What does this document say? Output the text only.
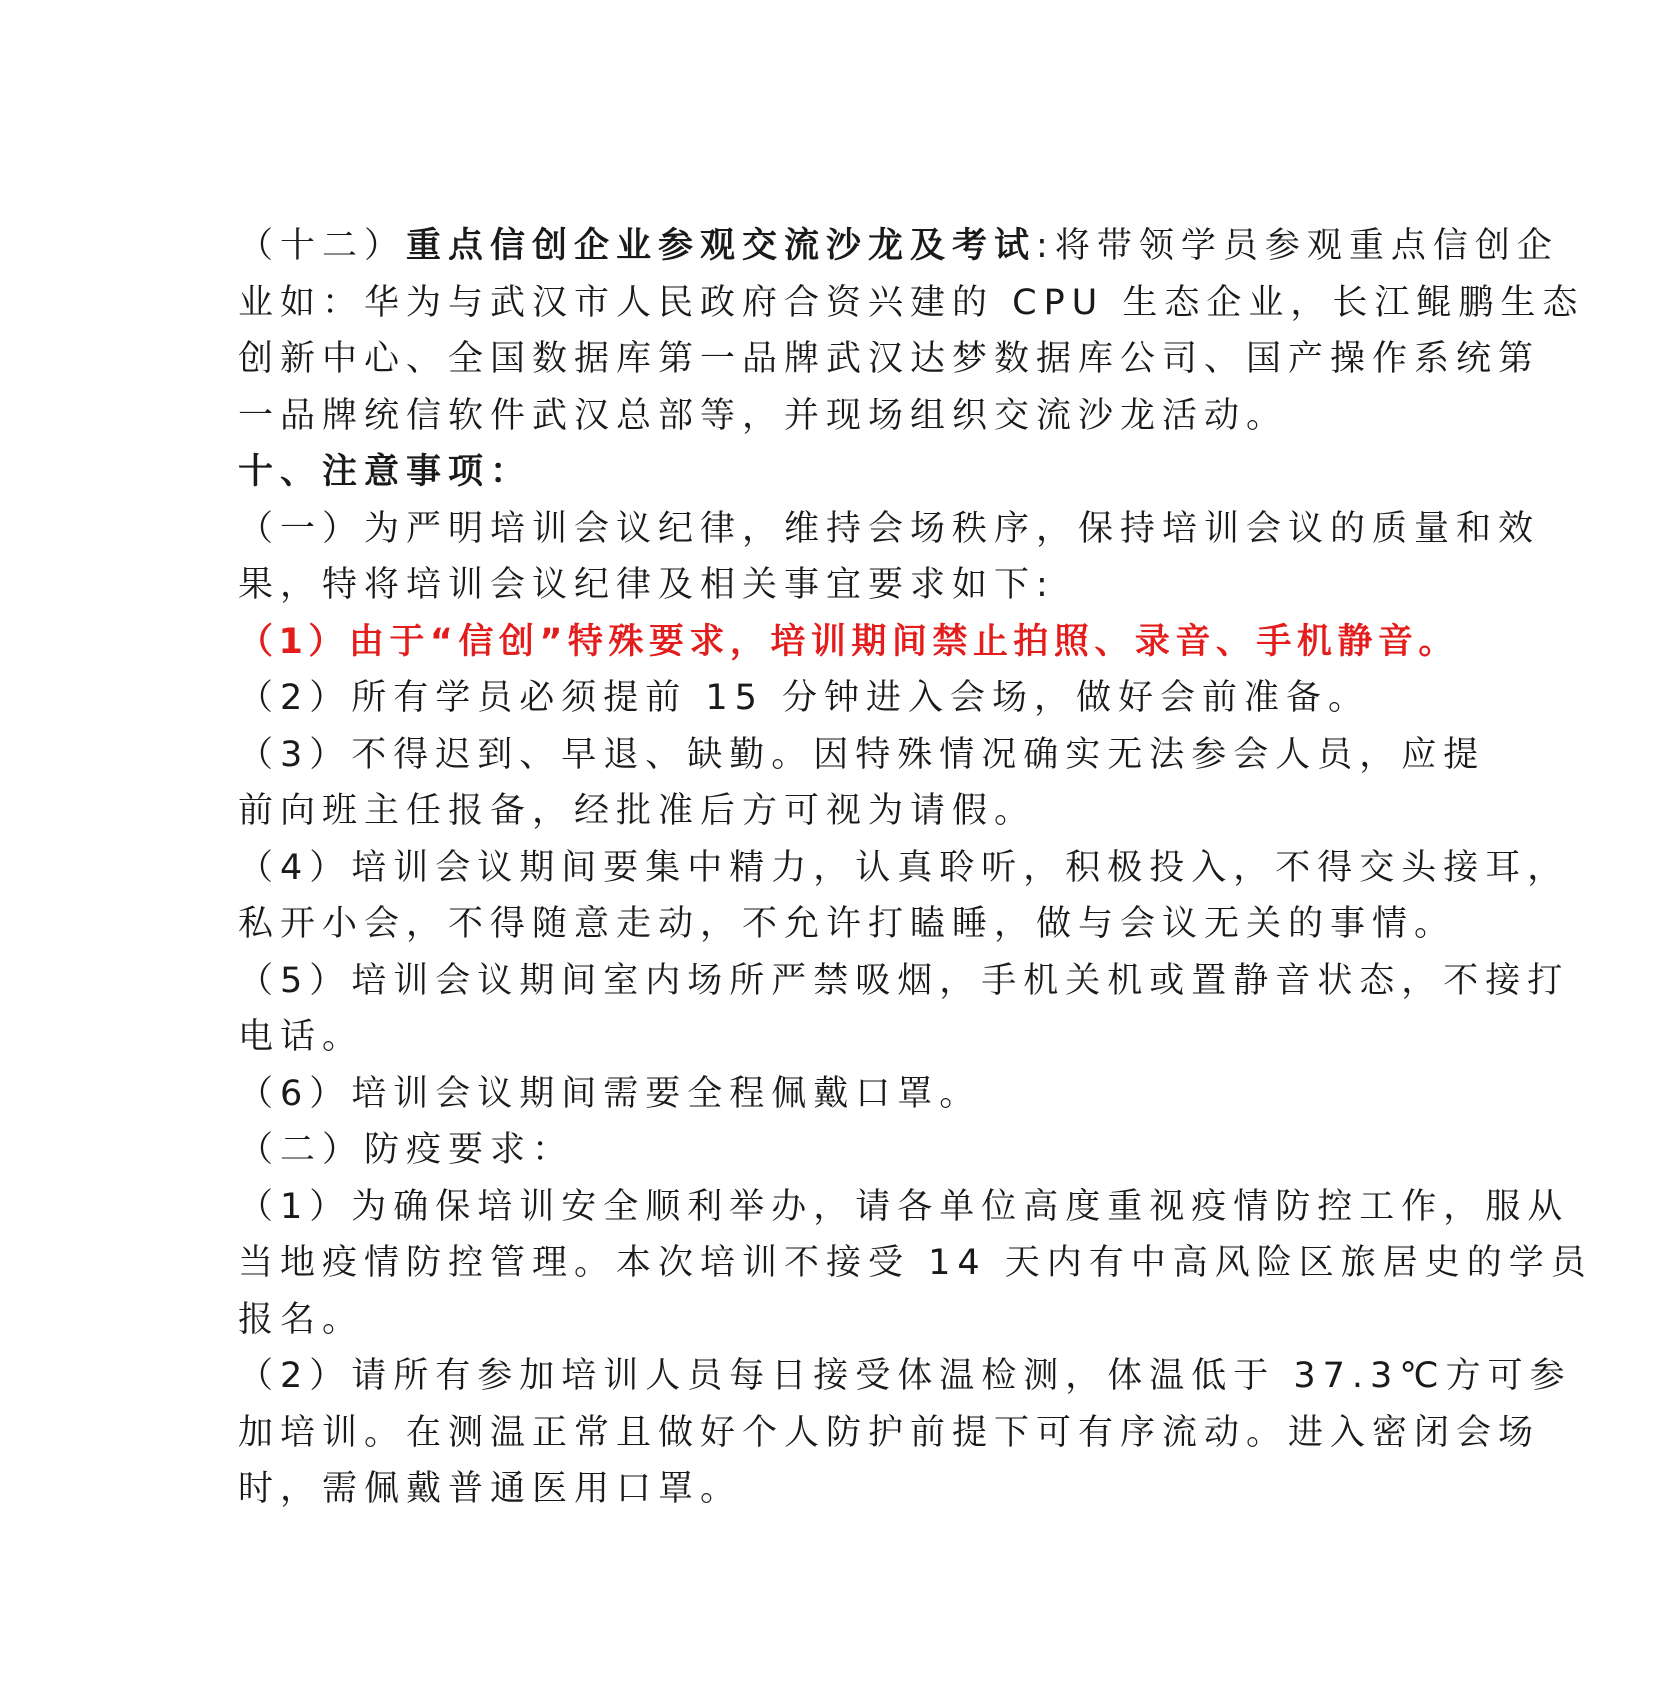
（十二）重点信创企业参观交流沙龙及考试:将带领学员参观重点信创企

业如：华为与武汉市人民政府合资兴建的 CPU 生态企业，长江鲲鹏生态

创新中心、全国数据库第一品牌武汉达梦数据库公司、国产操作系统第

一品牌统信软件武汉总部等，并现场组织交流沙龙活动。

十、注意事项：

（一）为严明培训会议纪律，维持会场秩序，保持培训会议的质量和效

果，特将培训会议纪律及相关事宜要求如下:

（1）由于“信创”特殊要求，培训期间禁止拍照、录音、手机静音。

（2）所有学员必须提前 15 分钟进入会场，做好会前准备。

（3）不得迟到、早退、缺勤。因特殊情况确实无法参会人员，应提

前向班主任报备，经批准后方可视为请假。

（4）培训会议期间要集中精力，认真聆听，积极投入，不得交头接耳，

私开小会，不得随意走动，不允许打瞌睡，做与会议无关的事情。

（5）培训会议期间室内场所严禁吸烟，手机关机或置静音状态，不接打

电话。

（6）培训会议期间需要全程佩戴口罩。

（二）防疫要求：

（1）为确保培训安全顺利举办，请各单位高度重视疫情防控工作，服从

当地疫情防控管理。本次培训不接受 14 天内有中高风险区旅居史的学员

报名。

（2）请所有参加培训人员每日接受体温检测，体温低于 37.3℃方可参

加培训。在测温正常且做好个人防护前提下可有序流动。进入密闭会场

时，需佩戴普通医用口罩。
